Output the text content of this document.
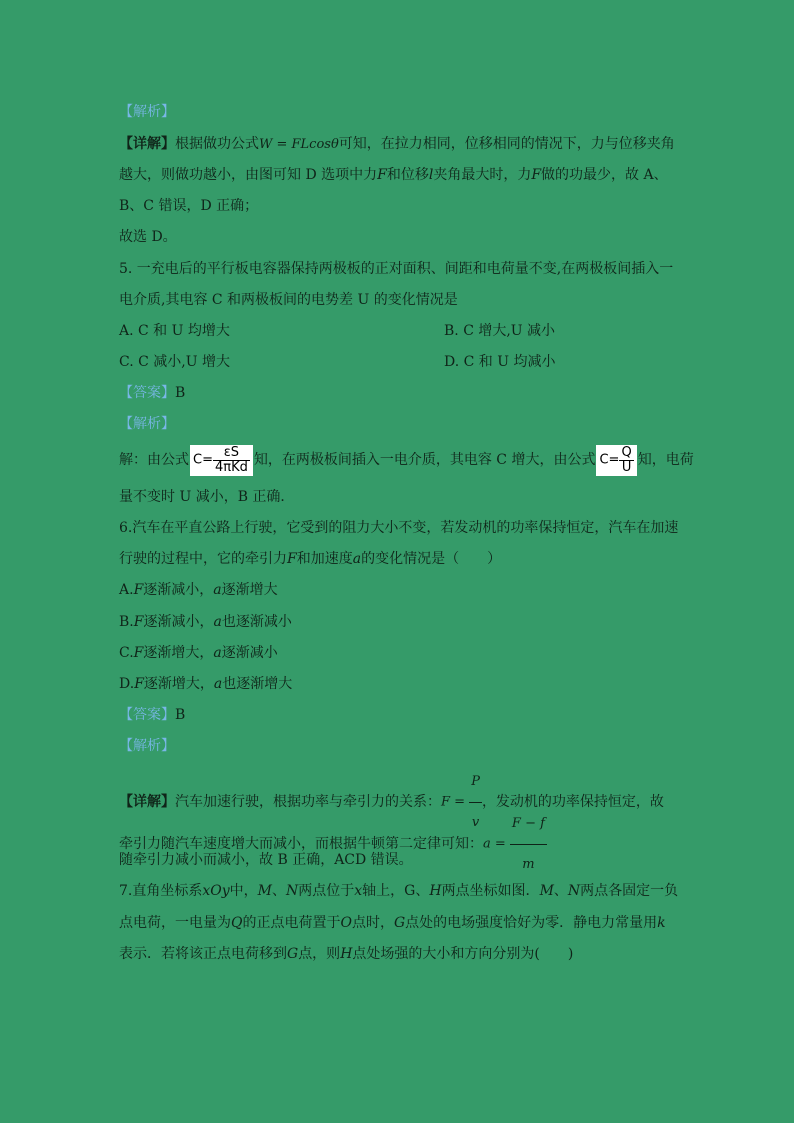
【解析】
【详解】根据做功公式W = FLcosθ可知，在拉力相同，位移相同的情况下，力与位移夹角
越大，则做功越小，由图可知 D 选项中力F和位移l夹角最大时，力F做的功最少，故 A、
B、C 错误，D 正确；
故选 D。
5. 一充电后的平行板电容器保持两极板的正对面积、间距和电荷量不变,在两极板间插入一
电介质,其电容 C 和两极板间的电势差 U 的变化情况是
A. C 和 U 均增大	B. C 增大,U 减小
C. C 减小,U 增大	D. C 和 U 均减小
【答案】B
【解析】
解：由公式 $C= \frac{\varepsilon S}{\text{4πKd}}$ 知，在两极板间插入一电介质，其电容 C 增大，由公式 $C= \frac{Q}{U}$ 知，电荷
量不变时 U 减小，B 正确．
6.汽车在平直公路上行驶，它受到的阻力大小不变，若发动机的功率保持恒定，汽车在加速
行驶的过程中，它的牵引力F和加速度a的变化情况是（　　）
A.F逐渐减小，a逐渐增大
B.F逐渐减小，a也逐渐减小
C.F逐渐增大，a逐渐减小
D.F逐渐增大，a也逐渐增大
【答案】B
【解析】
【详解】汽车加速行驶，根据功率与牵引力的关系：$F = \frac{P}{v}$ ，发动机的功率保持恒定，故
牵引力随汽车速度增大而减小，而根据牛顿第二定律可知：$a = \frac{F - f}{m}$
随牵引力减小而减小，故 B 正确，ACD 错误。
7.直角坐标系xOy中，M、N两点位于x轴上，G、H两点坐标如图．M、N两点各固定一负
点电荷，一电量为Q的正点电荷置于O点时，G点处的电场强度恰好为零．静电力常量用k
表示．若将该正点电荷移到G点，则H点处场强的大小和方向分别为(　　)
